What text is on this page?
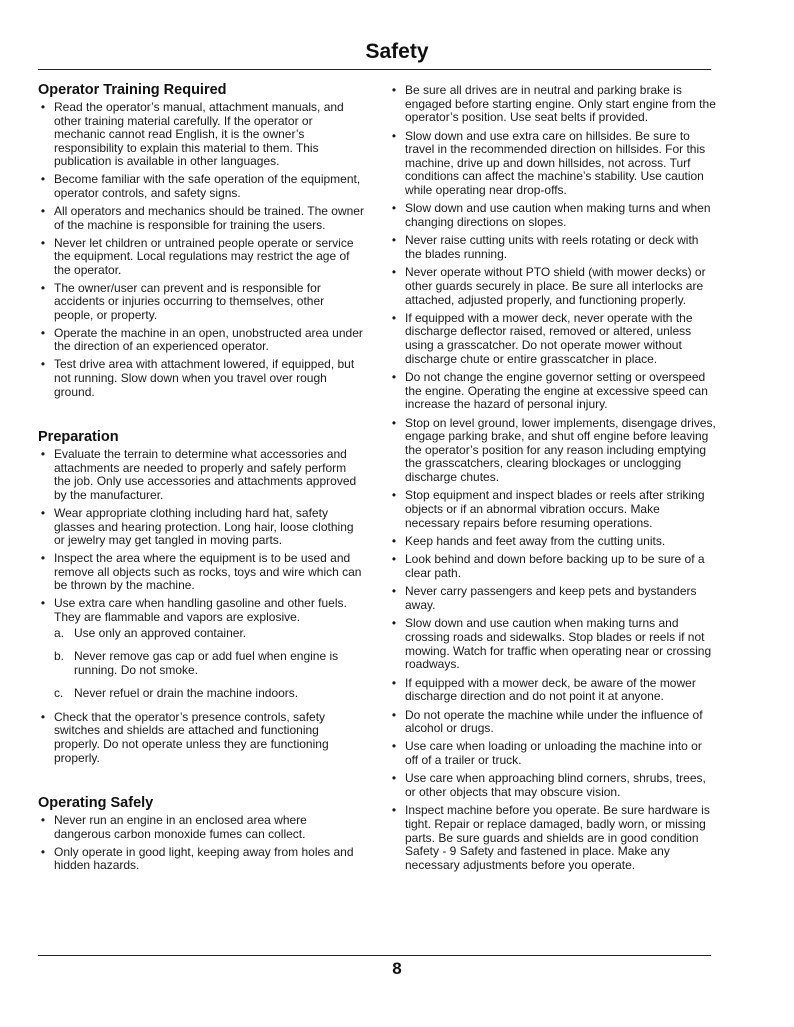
Safety
Operator Training Required
• Read the operator’s manual, attachment manuals, and other training material carefully. If the operator or mechanic cannot read English, it is the owner’s responsibility to explain this material to them. This publication is available in other languages.
• Become familiar with the safe operation of the equipment, operator controls, and safety signs.
• All operators and mechanics should be trained. The owner of the machine is responsible for training the users.
• Never let children or untrained people operate or service the equipment. Local regulations may restrict the age of the operator.
• The owner/user can prevent and is responsible for accidents or injuries occurring to themselves, other people, or property.
• Operate the machine in an open, unobstructed area under the direction of an experienced operator.
• Test drive area with attachment lowered, if equipped, but not running. Slow down when you travel over rough ground.
Preparation
• Evaluate the terrain to determine what accessories and attachments are needed to properly and safely perform the job. Only use accessories and attachments approved by the manufacturer.
• Wear appropriate clothing including hard hat, safety glasses and hearing protection. Long hair, loose clothing or jewelry may get tangled in moving parts.
• Inspect the area where the equipment is to be used and remove all objects such as rocks, toys and wire which can be thrown by the machine.
• Use extra care when handling gasoline and other fuels. They are flammable and vapors are explosive.
a. Use only an approved container.
b. Never remove gas cap or add fuel when engine is running. Do not smoke.
c. Never refuel or drain the machine indoors.
• Check that the operator’s presence controls, safety switches and shields are attached and functioning properly. Do not operate unless they are functioning properly.
Operating Safely
• Never run an engine in an enclosed area where dangerous carbon monoxide fumes can collect.
• Only operate in good light, keeping away from holes and hidden hazards.
• Be sure all drives are in neutral and parking brake is engaged before starting engine. Only start engine from the operator’s position. Use seat belts if provided.
• Slow down and use extra care on hillsides. Be sure to travel in the recommended direction on hillsides. For this machine, drive up and down hillsides, not across. Turf conditions can affect the machine’s stability. Use caution while operating near drop-offs.
• Slow down and use caution when making turns and when changing directions on slopes.
• Never raise cutting units with reels rotating or deck with the blades running.
• Never operate without PTO shield (with mower decks) or other guards securely in place. Be sure all interlocks are attached, adjusted properly, and functioning properly.
• If equipped with a mower deck, never operate with the discharge deflector raised, removed or altered, unless using a grasscatcher. Do not operate mower without discharge chute or entire grasscatcher in place.
• Do not change the engine governor setting or overspeed the engine. Operating the engine at excessive speed can increase the hazard of personal injury.
• Stop on level ground, lower implements, disengage drives, engage parking brake, and shut off engine before leaving the operator’s position for any reason including emptying the grasscatchers, clearing blockages or unclogging discharge chutes.
• Stop equipment and inspect blades or reels after striking objects or if an abnormal vibration occurs. Make necessary repairs before resuming operations.
• Keep hands and feet away from the cutting units.
• Look behind and down before backing up to be sure of a clear path.
• Never carry passengers and keep pets and bystanders away.
• Slow down and use caution when making turns and crossing roads and sidewalks. Stop blades or reels if not mowing. Watch for traffic when operating near or crossing roadways.
• If equipped with a mower deck, be aware of the mower discharge direction and do not point it at anyone.
• Do not operate the machine while under the influence of alcohol or drugs.
• Use care when loading or unloading the machine into or off of a trailer or truck.
• Use care when approaching blind corners, shrubs, trees, or other objects that may obscure vision.
• Inspect machine before you operate. Be sure hardware is tight. Repair or replace damaged, badly worn, or missing parts. Be sure guards and shields are in good condition Safety - 9 Safety and fastened in place. Make any necessary adjustments before you operate.
8
